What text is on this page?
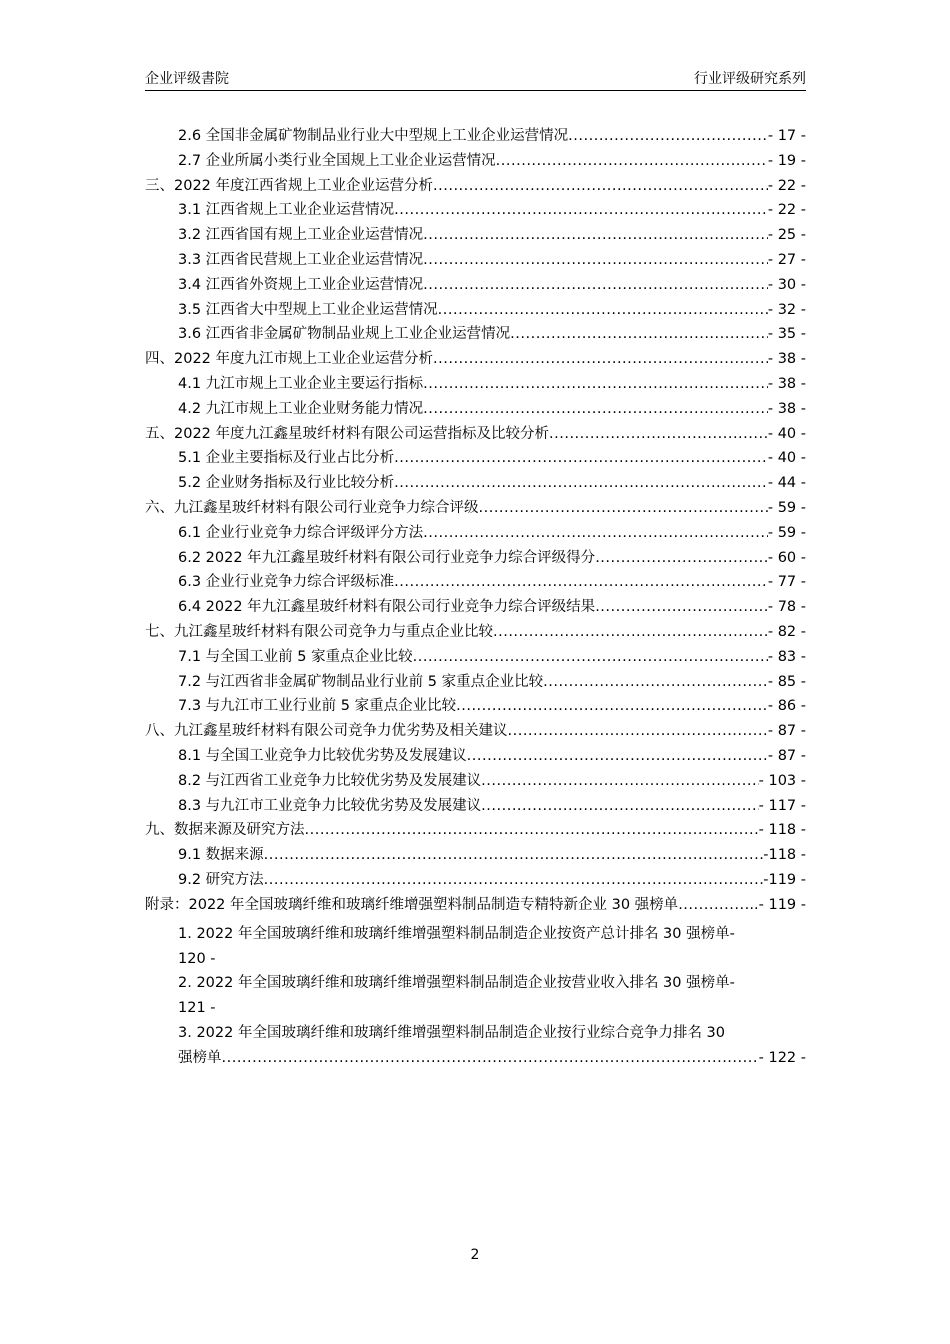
企业评级書院	行业评级研究系列
2.6 全国非金属矿物制品业行业大中型规上工业企业运营情况 .....	- 17 -
2.7 企业所属小类行业全国规上工业企业运营情况 .....	- 19 -
三、2022 年度江西省规上工业企业运营分析 .....	- 22 -
3.1 江西省规上工业企业运营情况 .....	- 22 -
3.2 江西省国有规上工业企业运营情况 .....	- 25 -
3.3 江西省民营规上工业企业运营情况 .....	- 27 -
3.4 江西省外资规上工业企业运营情况 .....	- 30 -
3.5 江西省大中型规上工业企业运营情况 .....	- 32 -
3.6 江西省非金属矿物制品业规上工业企业运营情况 .....	- 35 -
四、2022 年度九江市规上工业企业运营分析 .....	- 38 -
4.1 九江市规上工业企业主要运行指标 .....	- 38 -
4.2 九江市规上工业企业财务能力情况 .....	- 38 -
五、2022 年度九江鑫星玻纤材料有限公司运营指标及比较分析 .....	- 40 -
5.1 企业主要指标及行业占比分析 .....	- 40 -
5.2 企业财务指标及行业比较分析 .....	- 44 -
六、九江鑫星玻纤材料有限公司行业竞争力综合评级 .....	- 59 -
6.1 企业行业竞争力综合评级评分方法 .....	- 59 -
6.2 2022 年九江鑫星玻纤材料有限公司行业竞争力综合评级得分 .....	- 60 -
6.3 企业行业竞争力综合评级标准 .....	- 77 -
6.4 2022 年九江鑫星玻纤材料有限公司行业竞争力综合评级结果 .....	- 78 -
七、九江鑫星玻纤材料有限公司竞争力与重点企业比较 .....	- 82 -
7.1 与全国工业前 5 家重点企业比较 .....	- 83 -
7.2 与江西省非金属矿物制品业行业前 5 家重点企业比较 .....	- 85 -
7.3 与九江市工业行业前 5 家重点企业比较 .....	- 86 -
八、九江鑫星玻纤材料有限公司竞争力优劣势及相关建议 .....	- 87 -
8.1 与全国工业竞争力比较优劣势及发展建议 .....	- 87 -
8.2 与江西省工业竞争力比较优劣势及发展建议 .....	- 103 -
8.3 与九江市工业竞争力比较优劣势及发展建议 .....	- 117 -
九、数据来源及研究方法 .....	- 118 -
9.1 数据来源 .....	-118 -
9.2 研究方法 .....	-119 -
附录：2022 年全国玻璃纤维和玻璃纤维增强塑料制品制造专精特新企业 30 强榜单 .....	..- 119 -
1. 2022 年全国玻璃纤维和玻璃纤维增强塑料制品制造企业按资产总计排名 30 强榜单-
120 -
2. 2022 年全国玻璃纤维和玻璃纤维增强塑料制品制造企业按营业收入排名 30 强榜单-
121 -
3. 2022 年全国玻璃纤维和玻璃纤维增强塑料制品制造企业按行业综合竞争力排名 30
强榜单 .....	- 122 -
2
